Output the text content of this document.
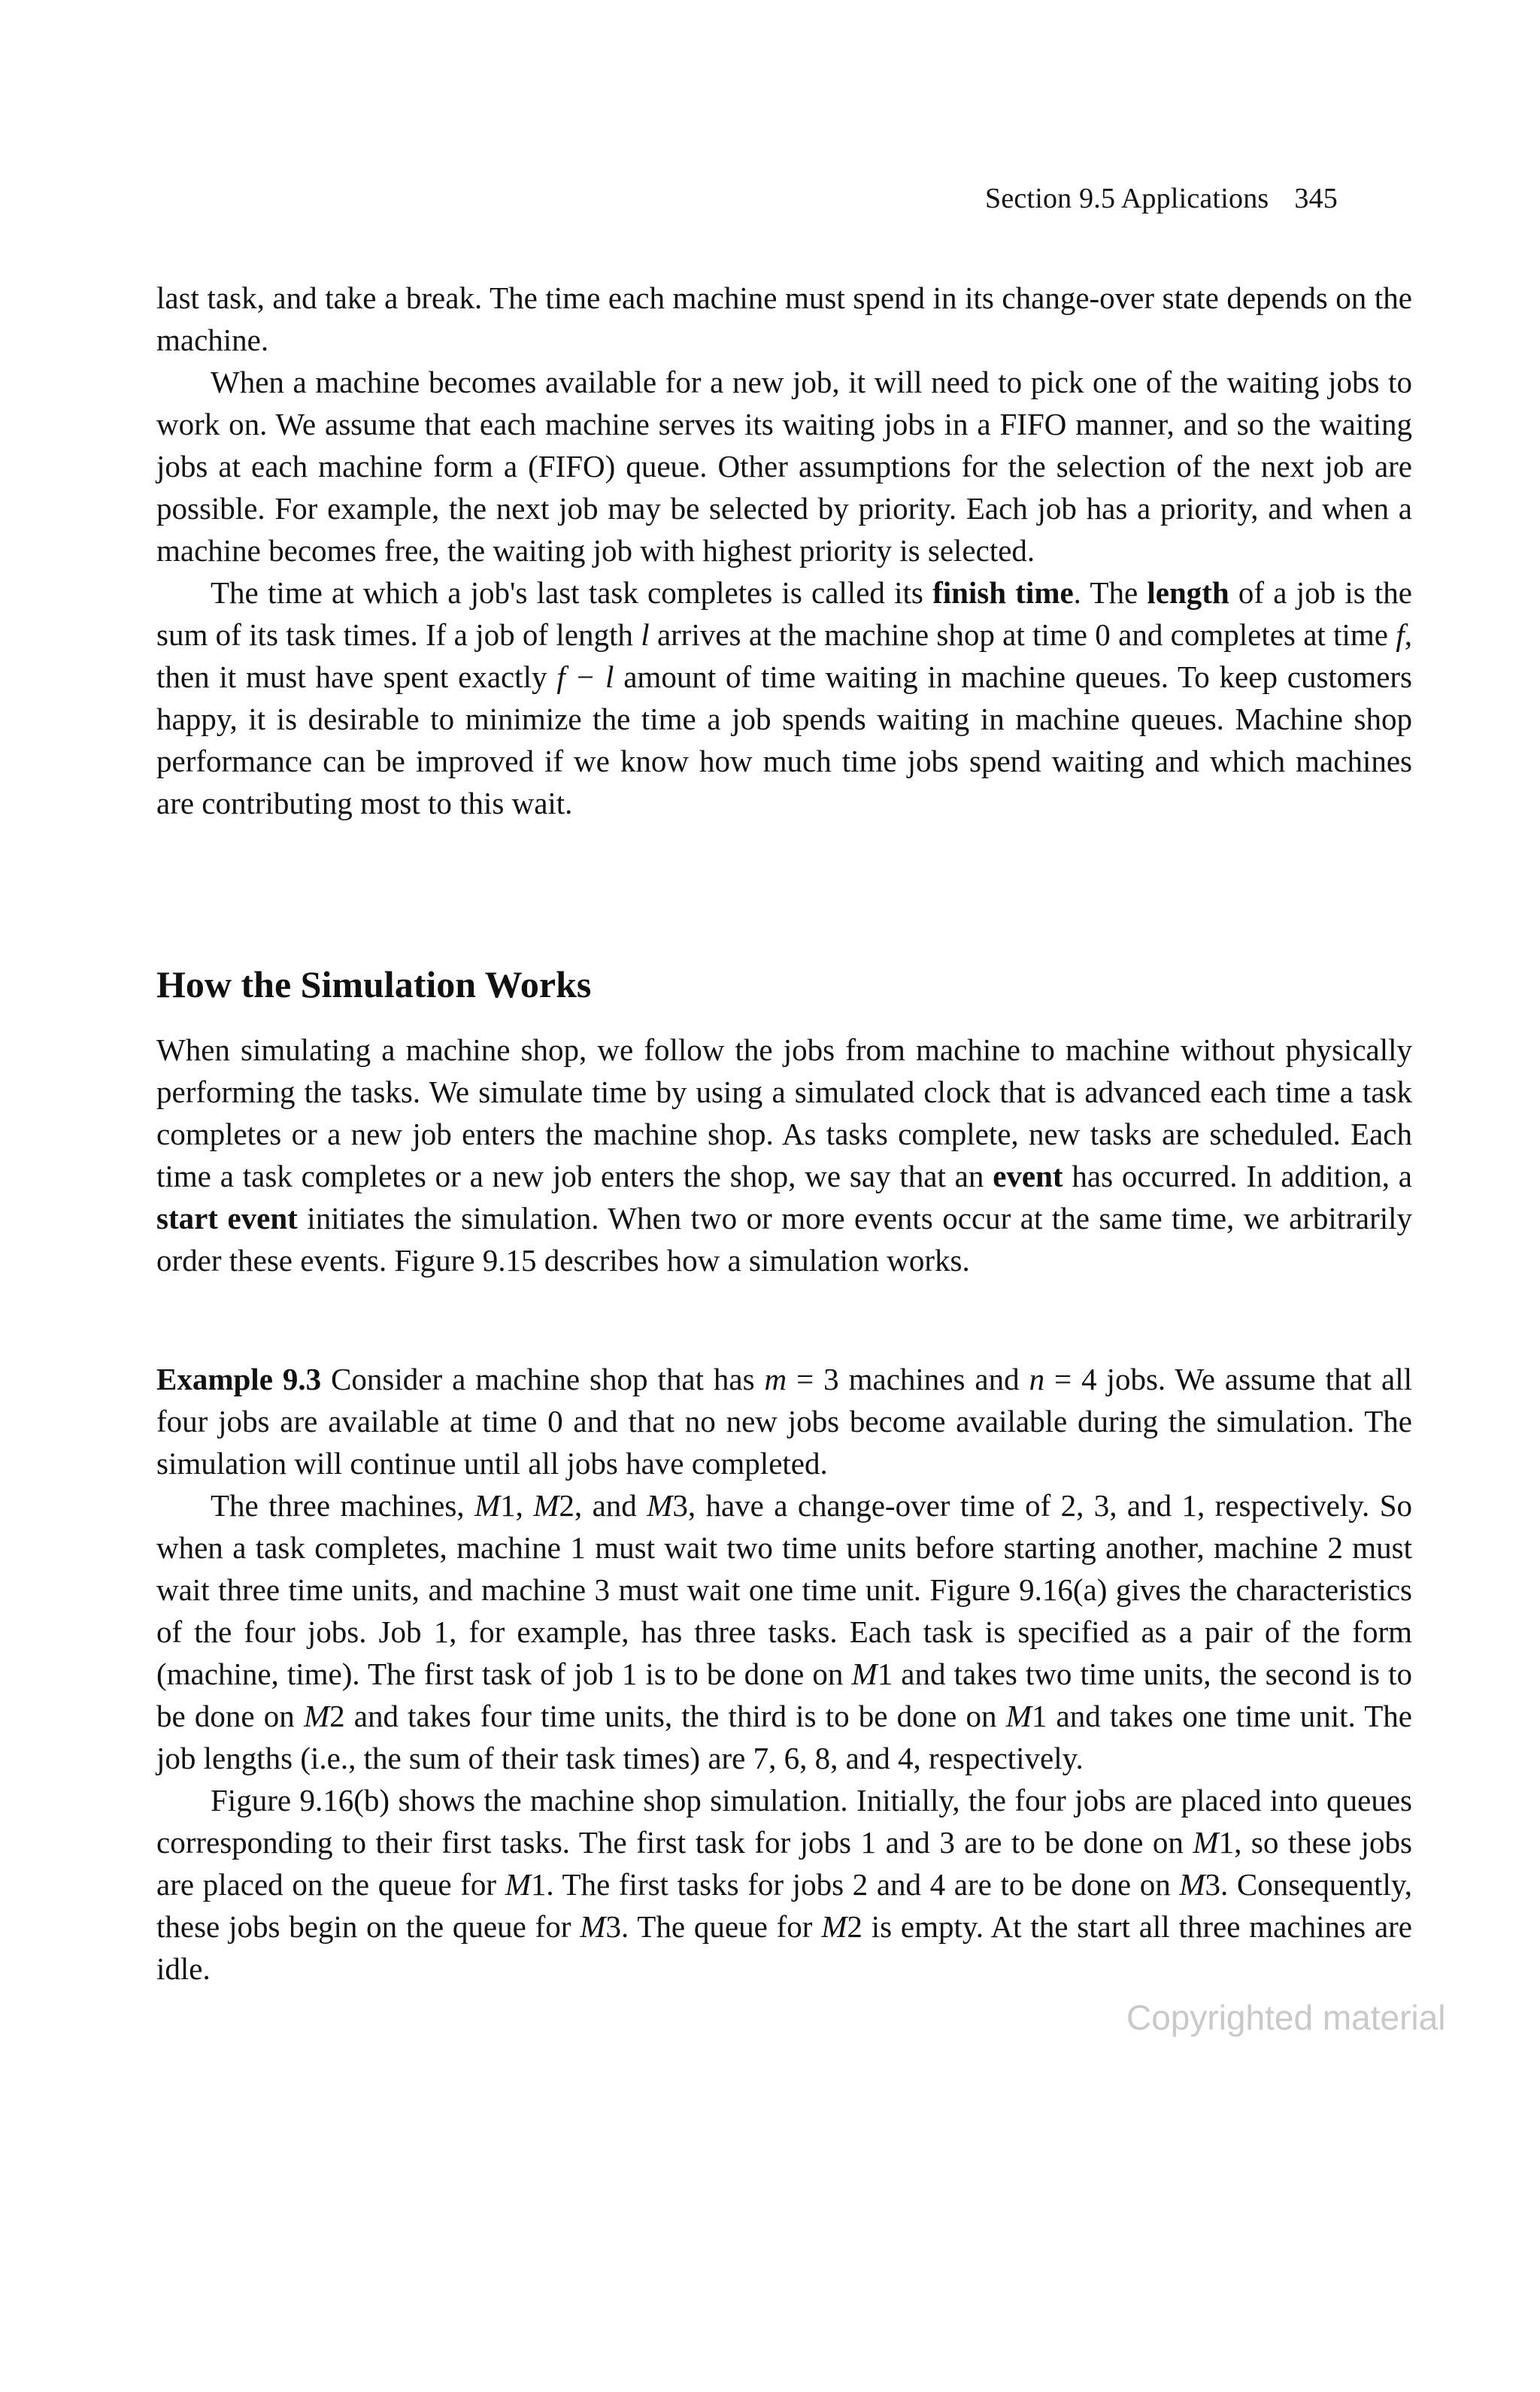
Section 9.5 Applications 345

last task, and take a break. The time each machine must spend in its change-over state depends on the machine.

When a machine becomes available for a new job, it will need to pick one of the waiting jobs to work on. We assume that each machine serves its waiting jobs in a FIFO manner, and so the waiting jobs at each machine form a (FIFO) queue. Other assumptions for the selection of the next job are possible. For example, the next job may be selected by priority. Each job has a priority, and when a machine becomes free, the waiting job with highest priority is selected.

The time at which a job's last task completes is called its finish time. The length of a job is the sum of its task times. If a job of length l arrives at the machine shop at time 0 and completes at time f, then it must have spent exactly f − l amount of time waiting in machine queues. To keep customers happy, it is desirable to minimize the time a job spends waiting in machine queues. Machine shop performance can be improved if we know how much time jobs spend waiting and which machines are contributing most to this wait.

How the Simulation Works

When simulating a machine shop, we follow the jobs from machine to machine without physically performing the tasks. We simulate time by using a simulated clock that is advanced each time a task completes or a new job enters the machine shop. As tasks complete, new tasks are scheduled. Each time a task completes or a new job enters the shop, we say that an event has occurred. In addition, a start event initiates the simulation. When two or more events occur at the same time, we arbitrarily order these events. Figure 9.15 describes how a simulation works.

Example 9.3 Consider a machine shop that has m = 3 machines and n = 4 jobs. We assume that all four jobs are available at time 0 and that no new jobs become available during the simulation. The simulation will continue until all jobs have completed.

The three machines, M1, M2, and M3, have a change-over time of 2, 3, and 1, respectively. So when a task completes, machine 1 must wait two time units before starting another, machine 2 must wait three time units, and machine 3 must wait one time unit. Figure 9.16(a) gives the characteristics of the four jobs. Job 1, for example, has three tasks. Each task is specified as a pair of the form (machine, time). The first task of job 1 is to be done on M1 and takes two time units, the second is to be done on M2 and takes four time units, the third is to be done on M1 and takes one time unit. The job lengths (i.e., the sum of their task times) are 7, 6, 8, and 4, respectively.

Figure 9.16(b) shows the machine shop simulation. Initially, the four jobs are placed into queues corresponding to their first tasks. The first task for jobs 1 and 3 are to be done on M1, so these jobs are placed on the queue for M1. The first tasks for jobs 2 and 4 are to be done on M3. Consequently, these jobs begin on the queue for M3. The queue for M2 is empty. At the start all three machines are idle.

Copyrighted material
